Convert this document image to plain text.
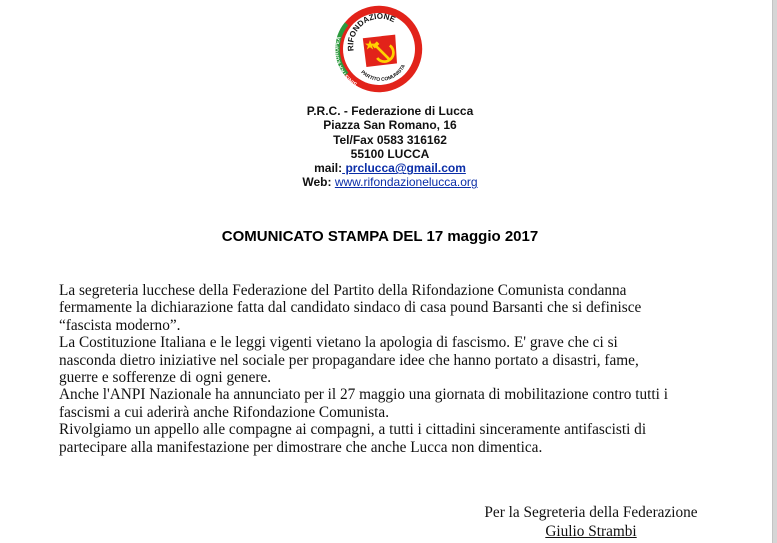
RIFONDAZIONE
SINISTRA EUROPEA
PARTITO COMUNISTA
P.R.C. - Federazione di Lucca
Piazza San Romano, 16
Tel/Fax 0583 316162
55100 LUCCA
mail: prclucca@gmail.com
Web: www.rifondazionelucca.org
COMUNICATO STAMPA DEL 17 maggio 2017

La segreteria lucchese della Federazione del Partito della Rifondazione Comunista condanna

fermamente la dichiarazione fatta dal candidato sindaco di casa pound Barsanti che si definisce

“fascista moderno”.

La Costituzione Italiana e le leggi vigenti vietano la apologia di fascismo. E' grave che ci si

nasconda dietro iniziative nel sociale per propagandare idee che hanno portato a disastri, fame,

guerre e sofferenze di ogni genere.

Anche l'ANPI Nazionale ha annunciato per il 27 maggio una giornata di mobilitazione contro tutti i

fascismi a cui aderirà anche Rifondazione Comunista.

Rivolgiamo un appello alle compagne ai compagni, a tutti i cittadini sinceramente antifascisti di

partecipare alla manifestazione per dimostrare che anche Lucca non dimentica.

Per la Segreteria della Federazione
Giulio Strambi
